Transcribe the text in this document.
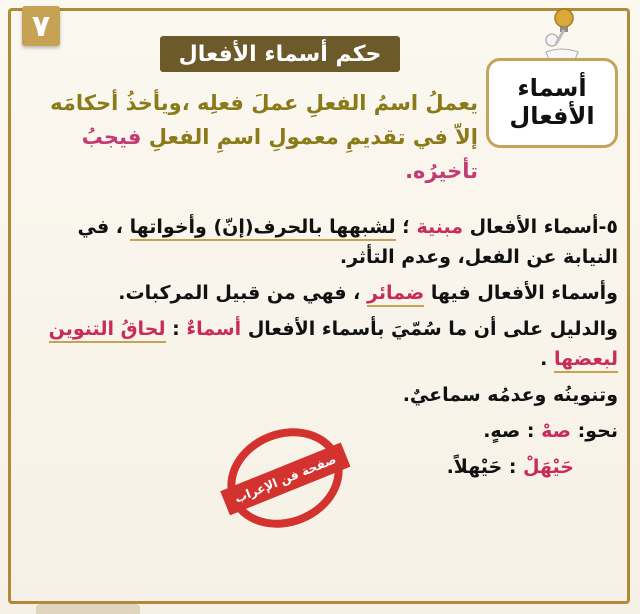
٧
حكم أسماء الأفعال
أسماء
الأفعال
يعملُ اسمُ الفعلِ عملَ فعلِه ،ويأخذُ أحكامَه
إلاّ في تقديمِ معمولِ اسمِ الفعلِ فيجبُ تأخيرُه.

٥-أسماء الأفعال مبنية ؛ لشبهها بالحرف(إنّ) وأخواتها ، في النيابة عن الفعل، وعدم التأثر.

وأسماء الأفعال فيها ضمائر ، فهي من قبيل المركبات.

والدليل على أن ما سُمّيَ بأسماء الأفعال أسماءٌ : لحاقُ التنوين لبعضها .

وتنوينُه وعدمُه سماعيٌ.

نحو: صهْ : صهٍ.

حَيْهَلْ : حَيْهلاً.

صفحة فن الإعراب
